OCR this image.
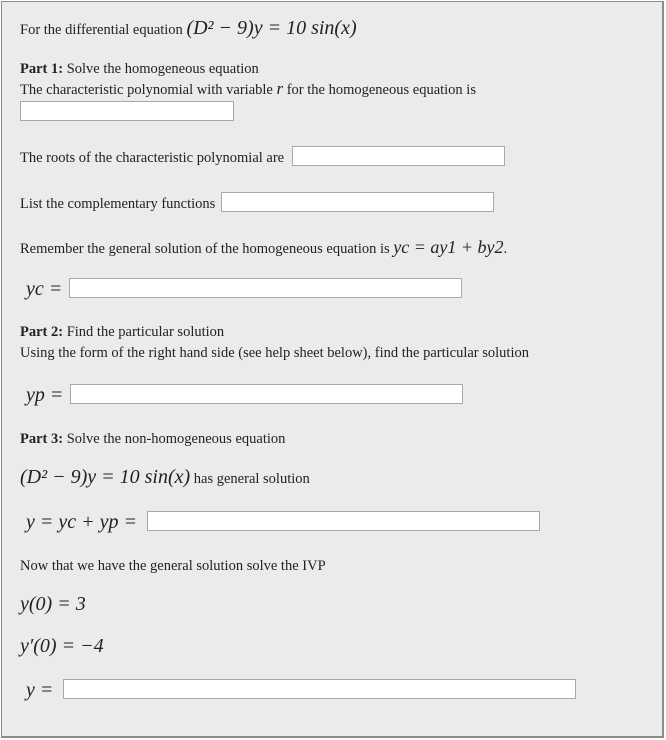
For the differential equation (D² − 9)y = 10 sin(x)
Part 1: Solve the homogeneous equation
The characteristic polynomial with variable r for the homogeneous equation is
The roots of the characteristic polynomial are
List the complementary functions
Remember the general solution of the homogeneous equation is yc = ay1 + by2.
yc =
Part 2: Find the particular solution
Using the form of the right hand side (see help sheet below), find the particular solution
yp =
Part 3: Solve the non-homogeneous equation
(D² − 9)y = 10 sin(x) has general solution
y = yc + yp =
Now that we have the general solution solve the IVP
y(0) = 3
y′(0) = −4
y =
